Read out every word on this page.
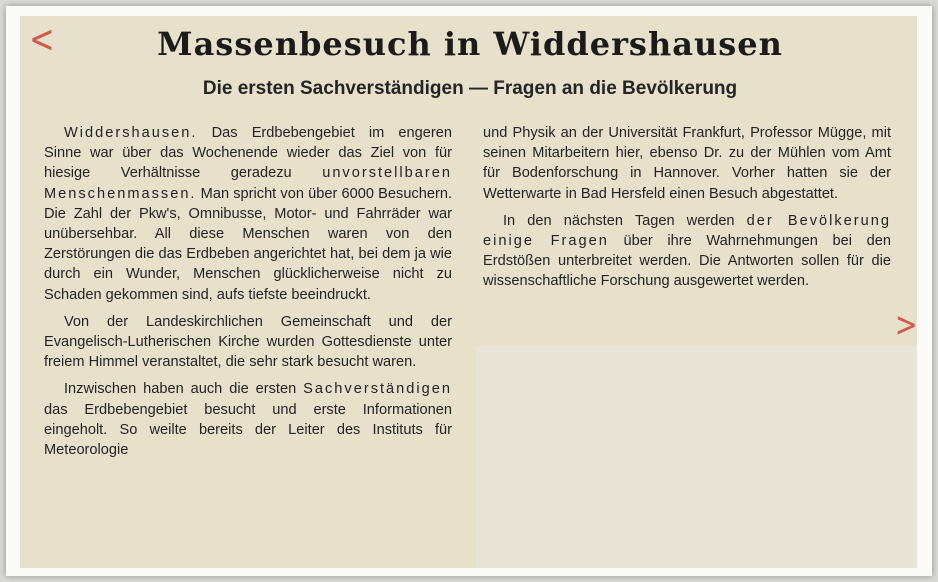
<
>
Massenbesuch in Widdershausen
Die ersten Sachverständigen — Fragen an die Bevölkerung

Widdershausen. Das Erdbebengebiet im engeren Sinne war über das Wochenende wieder das Ziel von für hiesige Verhältnisse geradezu unvorstellbaren Menschenmassen. Man spricht von über 6000 Besuchern. Die Zahl der Pkw's, Omnibusse, Motor- und Fahrräder war unübersehbar. All diese Menschen waren von den Zerstörungen die das Erdbeben angerichtet hat, bei dem ja wie durch ein Wunder, Menschen glücklicherweise nicht zu Schaden gekommen sind, aufs tiefste beeindruckt.

Von der Landeskirchlichen Gemeinschaft und der Evangelisch-Lutherischen Kirche wurden Gottesdienste unter freiem Himmel veranstaltet, die sehr stark besucht waren.

Inzwischen haben auch die ersten Sachverständigen das Erdbebengebiet besucht und erste Informationen eingeholt. So weilte bereits der Leiter des Instituts für Meteorologie

und Physik an der Universität Frankfurt, Professor Mügge, mit seinen Mitarbeitern hier, ebenso Dr. zu der Mühlen vom Amt für Bodenforschung in Hannover. Vorher hatten sie der Wetterwarte in Bad Hersfeld einen Besuch abgestattet.

In den nächsten Tagen werden der Bevölkerung einige Fragen über ihre Wahrnehmungen bei den Erdstößen unterbreitet werden. Die Antworten sollen für die wissenschaftliche Forschung ausgewertet werden.
